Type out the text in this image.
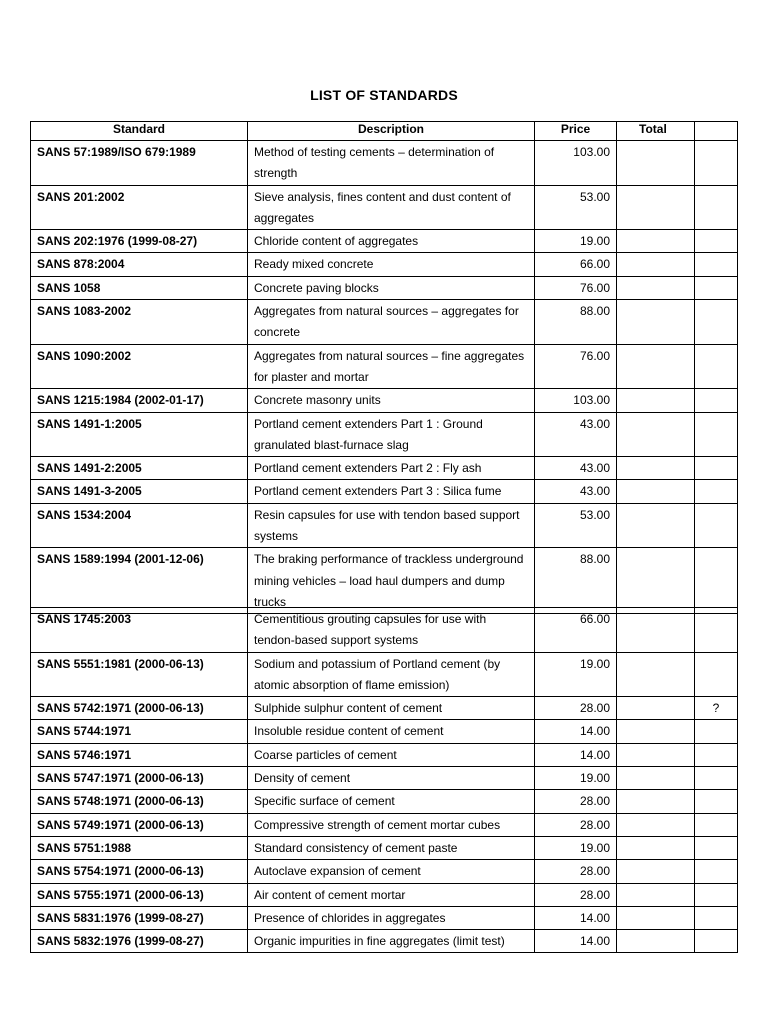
LIST OF STANDARDS
Standard	Description	Price	Total	
SANS 57:1989/ISO 679:1989	Method of testing cements – determination of strength	103.00		
SANS 201:2002	Sieve analysis, fines content and dust content of aggregates	53.00		
SANS 202:1976 (1999-08-27)	Chloride content of aggregates	19.00		
SANS 878:2004	Ready mixed concrete	66.00		
SANS 1058	Concrete paving blocks	76.00		
SANS 1083-2002	Aggregates from natural sources – aggregates for concrete	88.00		
SANS 1090:2002	Aggregates from natural sources – fine aggregates for plaster and mortar	76.00		
SANS 1215:1984 (2002-01-17)	Concrete masonry units	103.00		
SANS 1491-1:2005	Portland cement extenders Part 1 : Ground granulated blast-furnace slag	43.00		
SANS 1491-2:2005	Portland cement extenders Part 2 : Fly ash	43.00		
SANS 1491-3-2005	Portland cement extenders Part 3 : Silica fume	43.00		
SANS 1534:2004	Resin capsules for use with tendon based support systems	53.00		
SANS 1589:1994 (2001-12-06)	The braking performance of trackless underground mining vehicles – load haul dumpers and dump trucks	88.00		
SANS 1745:2003	Cementitious grouting capsules for use with tendon-based support systems	66.00		
SANS 5551:1981 (2000-06-13)	Sodium and potassium of Portland cement (by atomic absorption of flame emission)	19.00		
SANS 5742:1971 (2000-06-13)	Sulphide sulphur content of cement	28.00		?
SANS 5744:1971	Insoluble residue content of cement	14.00		
SANS 5746:1971	Coarse particles of cement	14.00		
SANS 5747:1971 (2000-06-13)	Density of cement	19.00		
SANS 5748:1971 (2000-06-13)	Specific surface of cement	28.00		
SANS 5749:1971 (2000-06-13)	Compressive strength of cement mortar cubes	28.00		
SANS 5751:1988	Standard consistency of cement paste	19.00		
SANS 5754:1971 (2000-06-13)	Autoclave expansion of cement	28.00		
SANS 5755:1971 (2000-06-13)	Air content of cement mortar	28.00		
SANS 5831:1976 (1999-08-27)	Presence of chlorides in aggregates	14.00		
SANS 5832:1976 (1999-08-27)	Organic impurities in fine aggregates (limit test)	14.00		
